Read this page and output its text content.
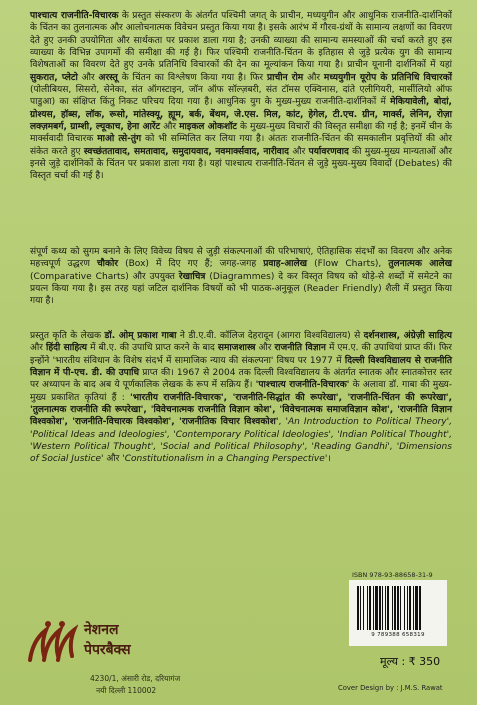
पाश्चात्य राजनीति-विचारक के प्रस्तुत संस्करण के अंतर्गत पश्चिमी जगत् के प्राचीन, मध्ययुगीन और आधुनिक राजनीति-दार्शनिकों के चिंतन का तुलनात्मक और आलोचनात्मक विवेचन प्रस्तुत किया गया है। इसके आरंभ में गौरव-ग्रंथों के सामान्य लक्षणों का विवरण देते हुए उनकी उपयोगिता और सार्थकता पर प्रकाश डाला गया है; उनकी व्याख्या की सामान्य समस्याओं की चर्चा करते हुए इस व्याख्या के विभिन्न उपागमों की समीक्षा की गई है। फिर पश्चिमी राजनीति-चिंतन के इतिहास से जुड़े प्रत्येक युग की सामान्य विशेषताओं का विवरण देते हुए उनके प्रतिनिधि विचारकों की देन का मूल्यांकन किया गया है। प्राचीन यूनानी दार्शनिकों में यहां सुकरात, प्लेटो और अरस्तू के चिंतन का विश्लेषण किया गया है। फिर प्राचीन रोम और मध्ययुगीन यूरोप के प्रतिनिधि विचारकों (पोलीबियस, सिसरो, सेनेका, संत ऑगस्टाइन, जॉन ऑफ सॉल्ज़बरी, संत टॉमस एक्विनास, दांते एलीगियरी, मार्सीलियो ऑफ पाडुआ) का संक्षिप्त किंतु निकट परिचय दिया गया है। आधुनिक युग के मुख्य-मुख्य राजनीति-दार्शनिकों में मेकियावेली, बोदां, ग्रोश्यस, हॉब्स, लॉक, रूसो, मांतेस्क्यू, ह्यूम, बर्क, बेंथम, जे.एस. मिल, कांट, हेगेल, टी.एच. ग्रीन, मार्क्स, लेनिन, रोज़ा लक्ज़मबर्ग, ग्राम्शी, ल्यूकाच, हेना आरेंट और माइकल ओकशॉट के मुख्य-मुख्य विचारों की विस्तृत समीक्षा की गई है; इनमें चीन के मार्क्सवादी विचारक माओ त्से-तुंग को भी सम्मिलित कर लिया गया है। अंततः राजनीति-चिंतन की समकालीन प्रवृत्तियों की ओर संकेत करते हुए स्वच्छंततावाद, समतावाद, समुदायवाद, नवमार्क्सवाद, नारीवाद और पर्यावरणवाद की मुख्य-मुख्य मान्यताओं और इनसे जुड़े दार्शनिकों के चिंतन पर प्रकाश डाला गया है। यहां पाश्चात्य राजनीति-चिंतन से जुड़े मुख्य-मुख्य विवादों (Debates) की विस्तृत चर्चा की गई है।

संपूर्ण कथ्य को सुगम बनाने के लिए विवेच्य विषय से जुड़ी संकल्पनाओं की परिभाषाएं, ऐतिहासिक संदर्भों का विवरण और अनेक महत्त्वपूर्ण उद्धरण चौकोर (Box) में दिए गए हैं; जगह-जगह प्रवाह-आलेख (Flow Charts), तुलनात्मक आलेख (Comparative Charts) और उपयुक्त रेखाचित्र (Diagrammes) दे कर विस्तृत विषय को थोड़े-से शब्दों में समेटने का प्रयत्न किया गया है। इस तरह यहां जटिल दार्शनिक विषयों को भी पाठक-अनुकूल (Reader Friendly) शैली में प्रस्तुत किया गया है।

प्रस्तुत कृति के लेखक डॉ. ओम् प्रकाश गाबा ने डी.ए.वी. कॉलिज देहरादून (आगरा विश्वविद्यालय) से दर्शनशास्त्र, अंग्रेज़ी साहित्य और हिंदी साहित्य में बी.ए. की उपाधि प्राप्त करने के बाद समाजशास्त्र और राजनीति विज्ञान में एम.ए. की उपाधियां प्राप्त कीं। फिर इन्होंने 'भारतीय संविधान के विशेष संदर्भ में सामाजिक न्याय की संकल्पना' विषय पर 1977 में दिल्ली विश्वविद्यालय से राजनीति विज्ञान में पी-एच. डी. की उपाधि प्राप्त की। 1967 से 2004 तक दिल्ली विश्वविद्यालय के अंतर्गत स्नातक और स्नातकोत्तर स्तर पर अध्यापन के बाद अब ये पूर्णकालिक लेखक के रूप में सक्रिय हैं। 'पाश्चात्य राजनीति-विचारक' के अलावा डॉ. गाबा की मुख्य-मुख्य प्रकाशित कृतियां हैं : 'भारतीय राजनीति-विचारक', 'राजनीति-सिद्धांत की रूपरेखा', 'राजनीति-चिंतन की रूपरेखा', 'तुलनात्मक राजनीति की रूपरेखा', 'विवेचनात्मक राजनीति विज्ञान कोश', 'विवेचनात्मक समाजविज्ञान कोश', 'राजनीति विज्ञान विश्वकोश', 'राजनीति-विचारक विश्वकोश', 'राजनीतिक विचार विश्वकोश', 'An Introduction to Political Theory', 'Political Ideas and Ideologies', 'Contemporary Political Ideologies', 'Indian Political Thought', 'Western Political Thought', 'Social and Political Philosophy', 'Reading Gandhi', 'Dimensions of Social Justice' और 'Constitutionalism in a Changing Perspective'।

नेशनल
पेपरबैक्स
4230/1, अंसारी रोड, दरियागंज
नयी दिल्ली 110002
ISBN 978-93-88658-31-9
9 789388 658319
मूल्य : ₹ 350
Cover Design by : J.M.S. Rawat
